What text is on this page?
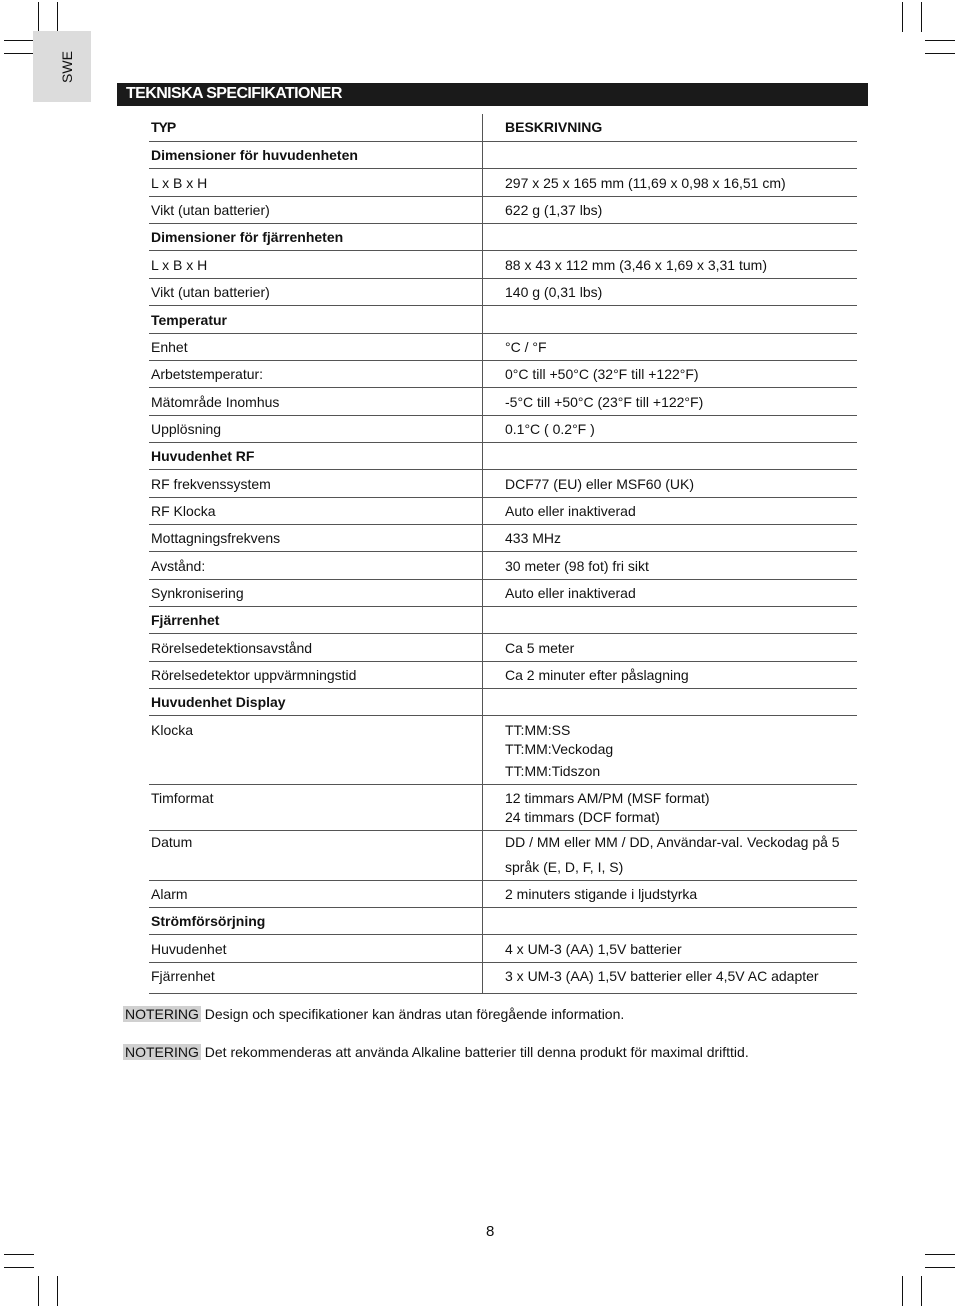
SWE
TEKNISKA SPECIFIKATIONER
TYP	BESKRIVNING
Dimensioner för huvudenheten
L x B x H	297 x 25 x 165 mm (11,69 x 0,98 x 16,51 cm)
Vikt (utan batterier)	622 g (1,37 lbs)
Dimensioner för fjärrenheten
L x B x H	88 x 43 x 112 mm (3,46 x 1,69 x 3,31 tum)
Vikt (utan batterier)	140 g (0,31 lbs)
Temperatur
Enhet	°C / °F
Arbetstemperatur:	0°C till +50°C (32°F till +122°F)
Mätområde Inomhus	-5°C till +50°C (23°F till +122°F)
Upplösning	0.1°C ( 0.2°F )
Huvudenhet RF
RF frekvenssystem	DCF77 (EU) eller MSF60 (UK)
RF Klocka	Auto eller inaktiverad
Mottagningsfrekvens	433 MHz
Avstånd:	30 meter (98 fot) fri sikt
Synkronisering	Auto eller inaktiverad
Fjärrenhet
Rörelsedetektionsavstånd	Ca 5 meter
Rörelsedetektor uppvärmningstid	Ca 2 minuter efter påslagning
Huvudenhet Display
Klocka	TT:MM:SS
TT:MM:Veckodag
TT:MM:Tidszon
Timformat	12 timmars AM/PM (MSF format)
24 timmars (DCF format)
Datum	DD / MM eller MM / DD, Användar-val. Veckodag på 5
språk (E, D, F, I, S)
Alarm	2 minuters stigande i ljudstyrka
Strömförsörjning
Huvudenhet	4 x UM-3 (AA) 1,5V batterier
Fjärrenhet	3 x UM-3 (AA) 1,5V batterier eller 4,5V AC adapter
NOTERING Design och specifikationer kan ändras utan föregående information.
NOTERING Det rekommenderas att använda Alkaline batterier till denna produkt för maximal drifttid.
8
